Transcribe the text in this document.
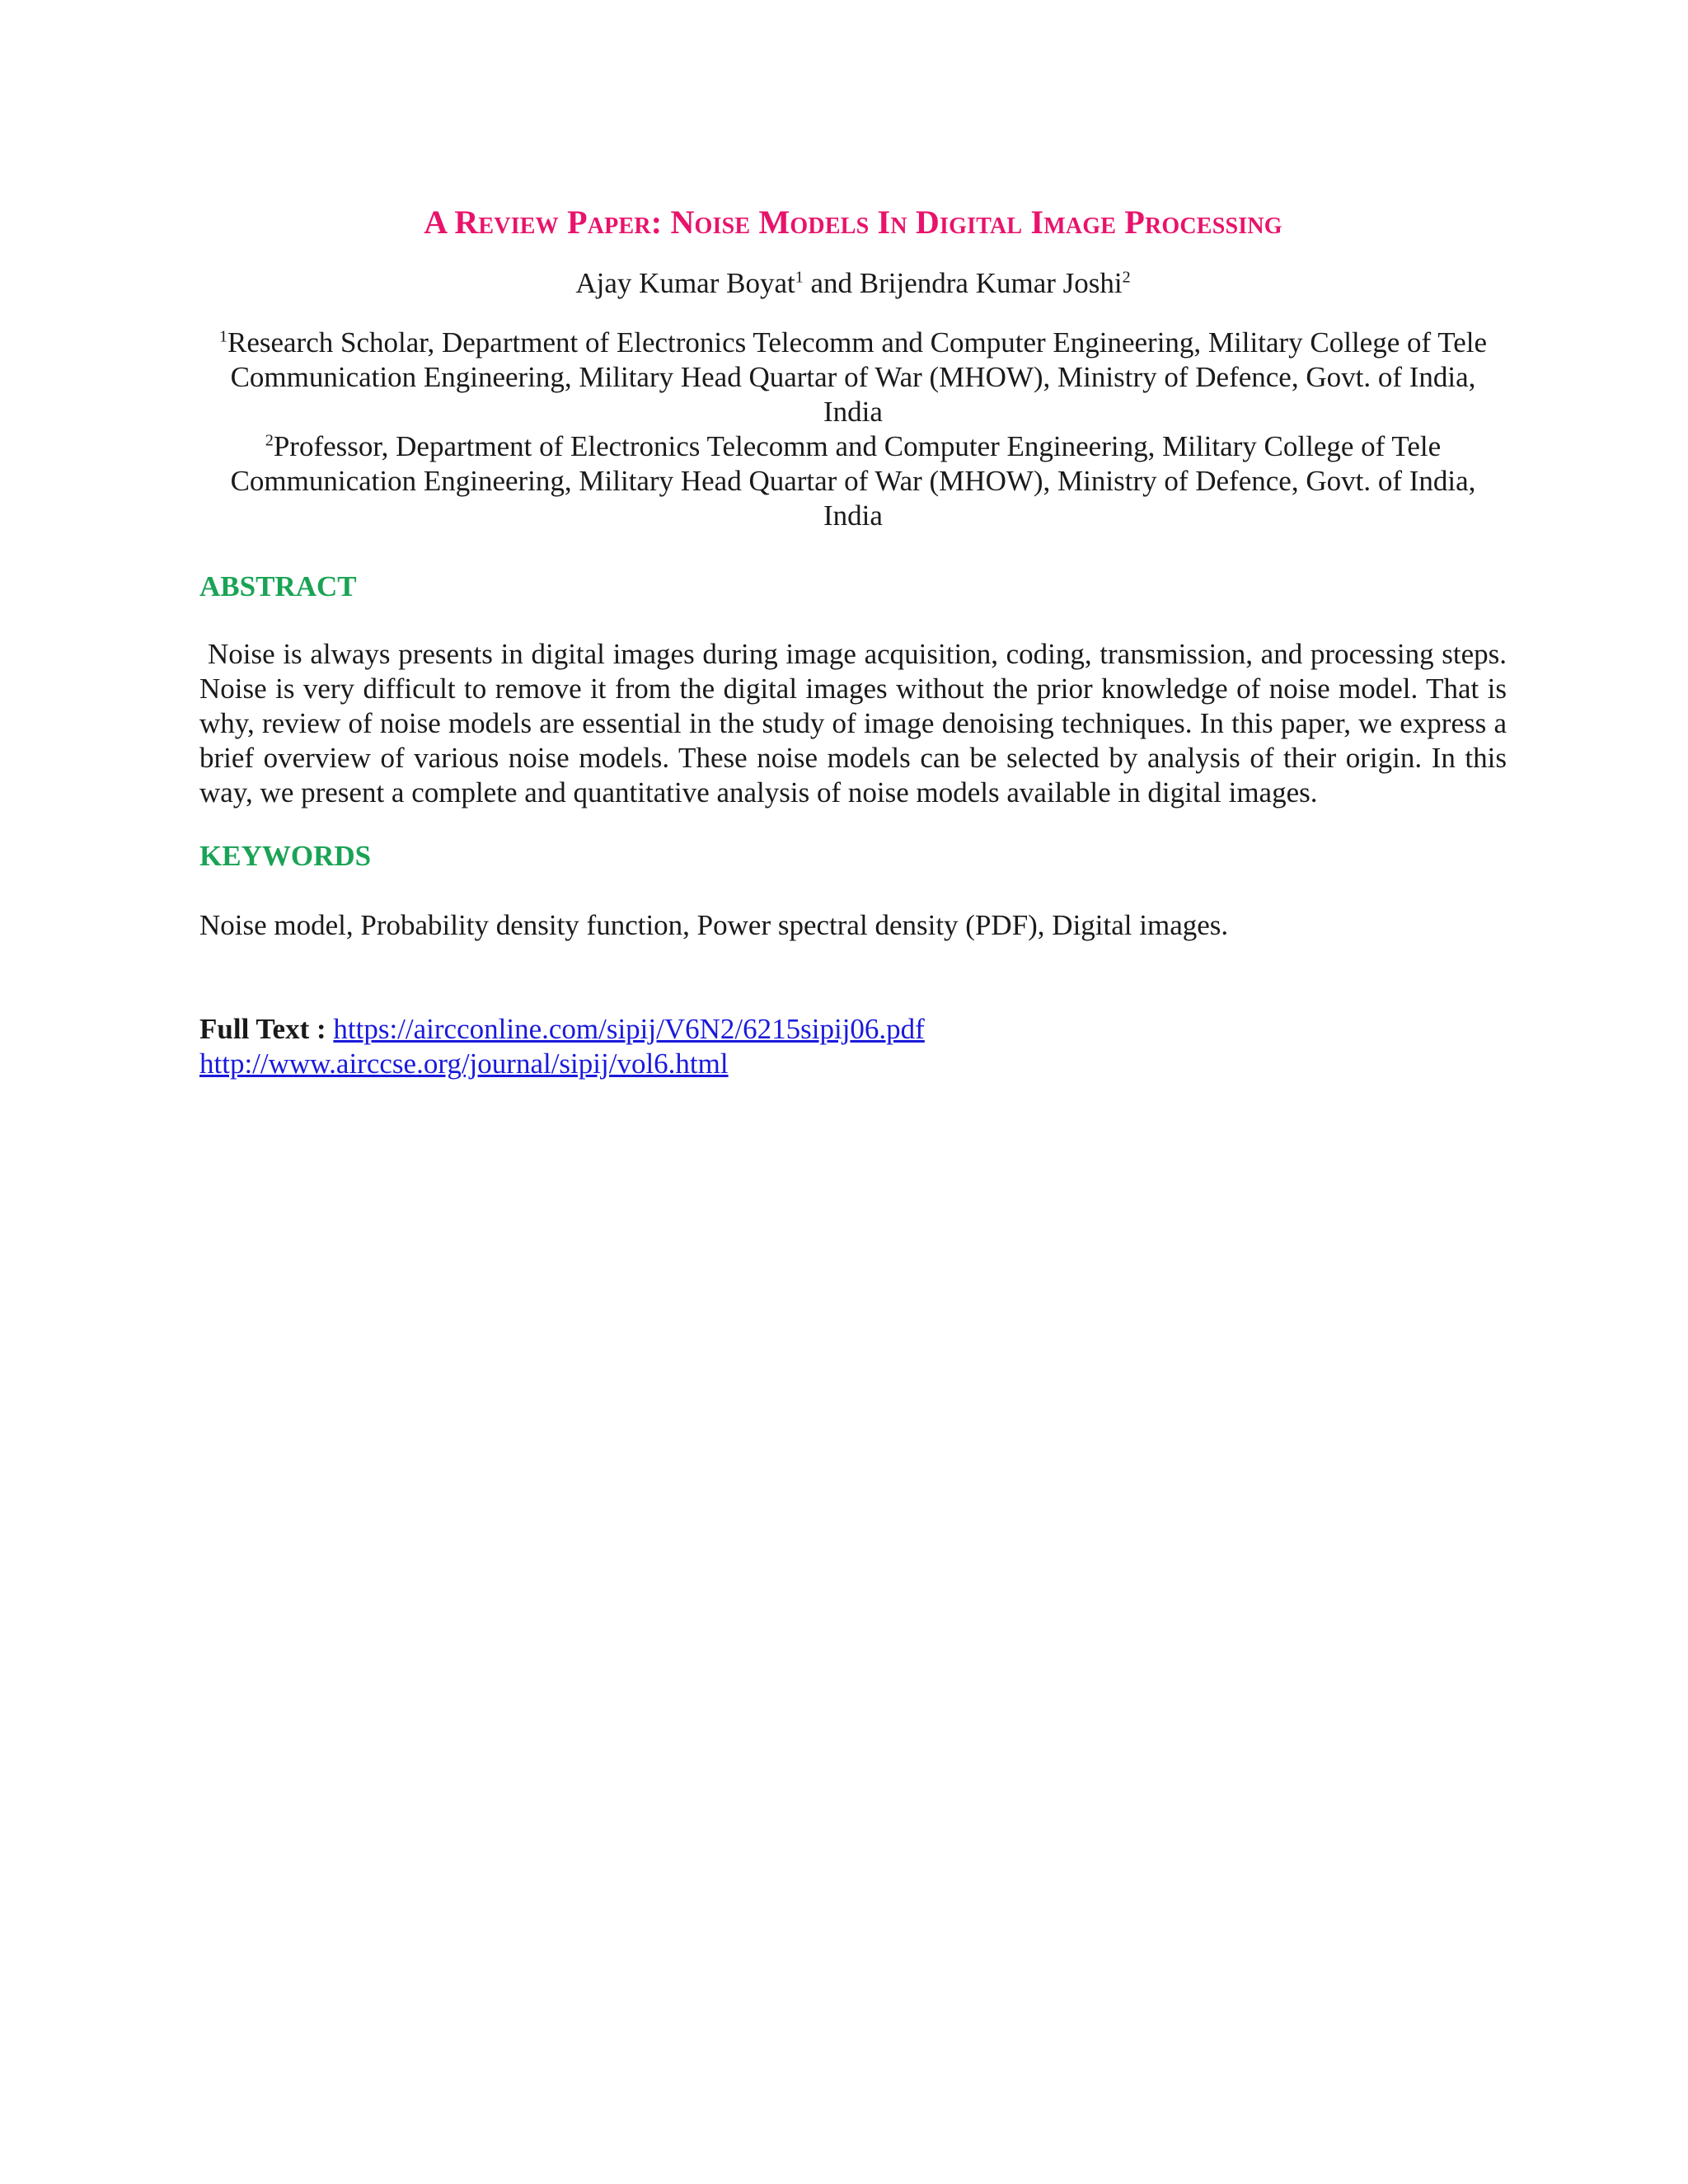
A Review Paper: Noise Models In Digital Image Processing
Ajay Kumar Boyat$^1$ and Brijendra Kumar Joshi$^2$

$^1$Research Scholar, Department of Electronics Telecomm and Computer Engineering, Military College of Tele Communication Engineering, Military Head Quartar of War (MHOW), Ministry of Defence, Govt. of India, India

$^2$Professor, Department of Electronics Telecomm and Computer Engineering, Military College of Tele Communication Engineering, Military Head Quartar of War (MHOW), Ministry of Defence, Govt. of India, India

ABSTRACT

Noise is always presents in digital images during image acquisition, coding, transmission, and processing steps. Noise is very difficult to remove it from the digital images without the prior knowledge of noise model. That is why, review of noise models are essential in the study of image denoising techniques. In this paper, we express a brief overview of various noise models. These noise models can be selected by analysis of their origin. In this way, we present a complete and quantitative analysis of noise models available in digital images.

KEYWORDS

Noise model, Probability density function, Power spectral density (PDF), Digital images.

Full Text : https://aircconline.com/sipij/V6N2/6215sipij06.pdf
http://www.airccse.org/journal/sipij/vol6.html
